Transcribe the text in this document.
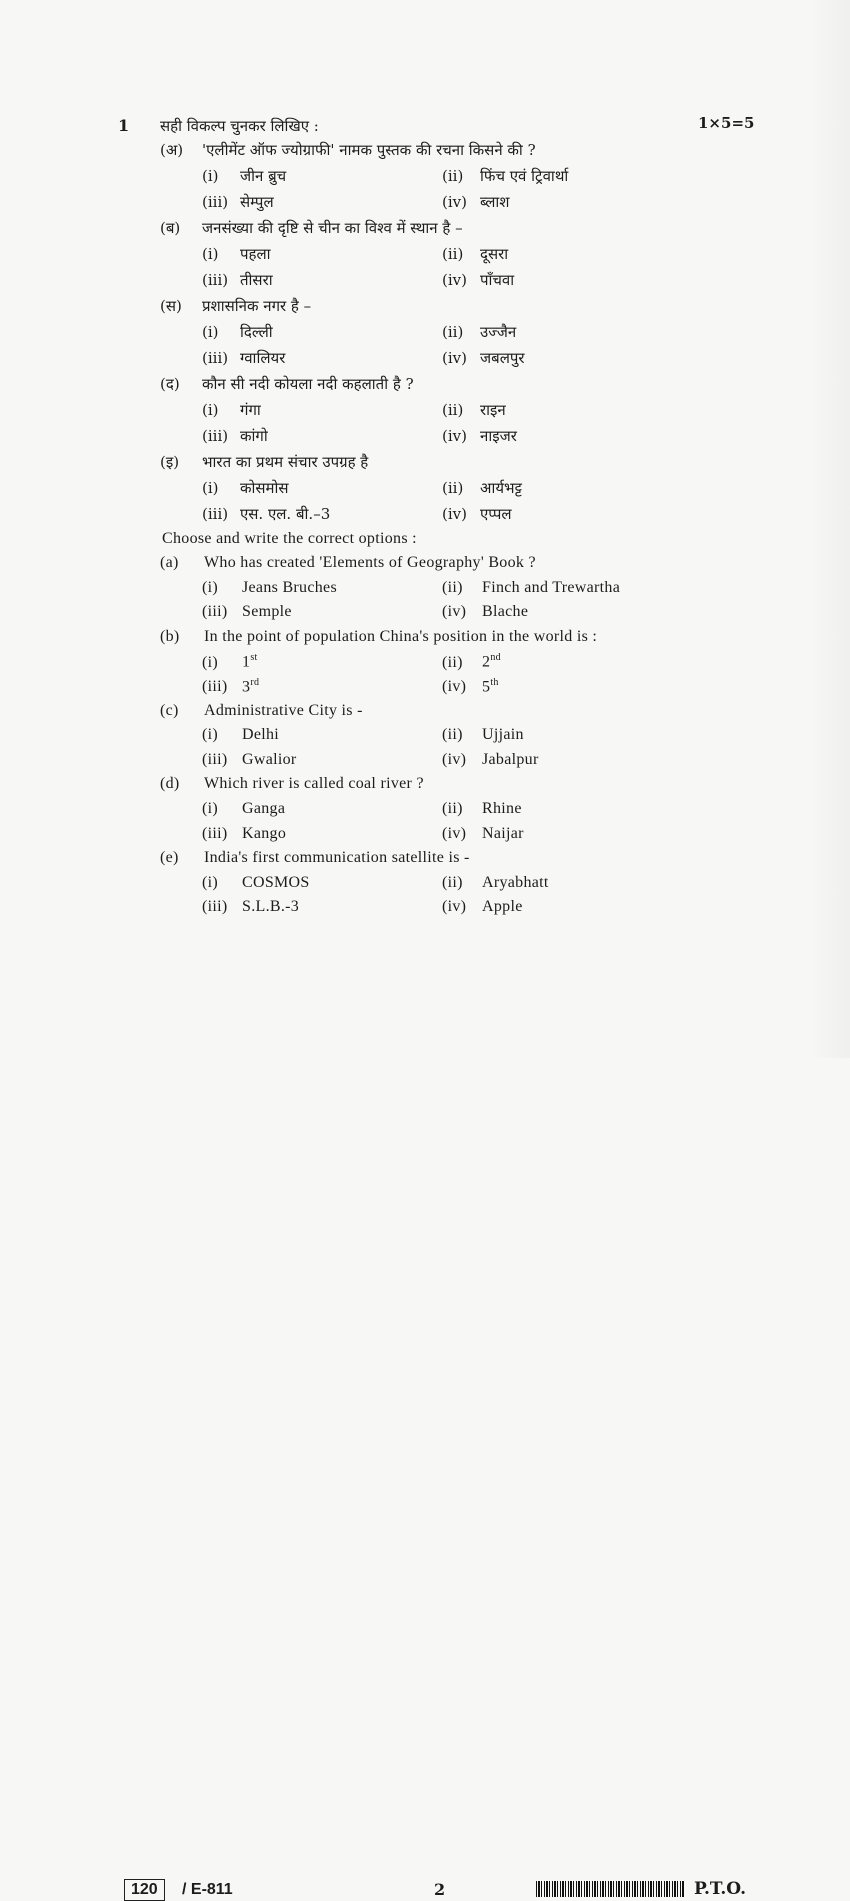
1 सही विकल्प चुनकर लिखिए :	1×5=5
(अ) 'एलीमेंट ऑफ ज्योग्राफी' नामक पुस्तक की रचना किसने की ?
(i) जीन ब्रुच	(ii) फिंच एवं ट्रिवार्था
(iii) सेम्पुल	(iv) ब्लाश
(ब) जनसंख्या की दृष्टि से चीन का विश्व में स्थान है –
(i) पहला	(ii) दूसरा
(iii) तीसरा	(iv) पाँचवा
(स) प्रशासनिक नगर है –
(i) दिल्ली	(ii) उज्जैन
(iii) ग्वालियर	(iv) जबलपुर
(द) कौन सी नदी कोयला नदी कहलाती है ?
(i) गंगा	(ii) राइन
(iii) कांगो	(iv) नाइजर
(इ) भारत का प्रथम संचार उपग्रह है
(i) कोसमोस	(ii) आर्यभट्ट
(iii) एस. एल. बी.–3	(iv) एप्पल
Choose and write the correct options :
(a) Who has created 'Elements of Geography' Book ?
(i) Jeans Bruches	(ii) Finch and Trewartha
(iii) Semple	(iv) Blache
(b) In the point of population China's position in the world is :
(i) 1st	(ii) 2nd
(iii) 3rd	(iv) 5th
(c) Administrative City is -
(i) Delhi	(ii) Ujjain
(iii) Gwalior	(iv) Jabalpur
(d) Which river is called coal river ?
(i) Ganga	(ii) Rhine
(iii) Kango	(iv) Naijar
(e) India's first communication satellite is -
(i) COSMOS	(ii) Aryabhatt
(iii) S.L.B.-3	(iv) Apple
120	/ E-811	2	P.T.O.
